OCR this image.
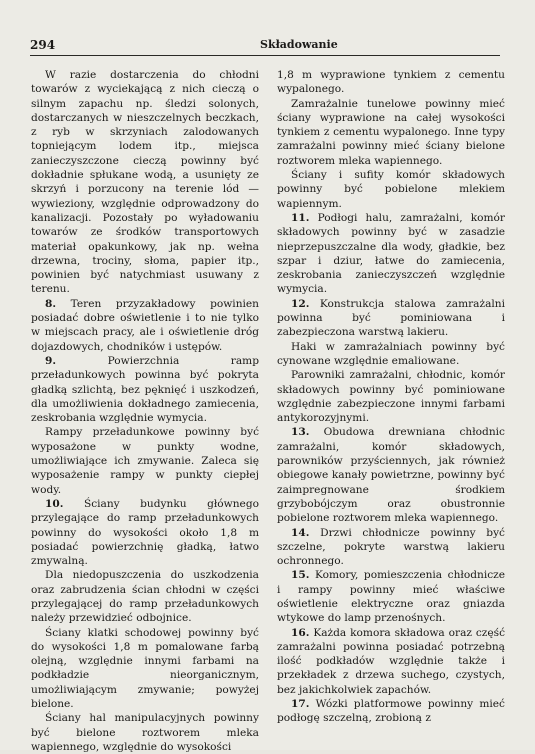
294	Składowanie

W razie dostarczenia do chłodni towarów z wyciekającą z nich cieczą o silnym zapachu np. śledzi solonych, dostarczanych w nieszczelnych beczkach, z ryb w skrzyniach zalodowanych topniejącym lodem itp., miejsca zanieczyszczone cieczą powinny być dokładnie spłukane wodą, a usunięty ze skrzyń i porzucony na terenie lód — wywieziony, względnie odprowadzony do kanalizacji. Pozostały po wyładowaniu towarów ze środków transportowych materiał opakunkowy, jak np. wełna drzewna, trociny, słoma, papier itp., powinien być natychmiast usuwany z terenu.

8. Teren przyzakładowy powinien posiadać dobre oświetlenie i to nie tylko w miejscach pracy, ale i oświetlenie dróg dojazdowych, chodników i ustępów.

9.	Powierzchnia ramp przeładunkowych powinna być pokryta gładką szlichtą, bez pęknięć i uszkodzeń, dla umożliwienia dokładnego zamiecenia, zeskrobania względnie wymycia.

Rampy przeładunkowe powinny być wyposażone w punkty wodne, umożliwiające ich zmywanie. Zaleca się wyposażenie rampy w punkty ciepłej wody.

10. Ściany budynku głównego przylegające do ramp przeładunkowych powinny do wysokości około 1,8 m posiadać powierzchnię gładką, łatwo zmywalną.

Dla niedopuszczenia do uszkodzenia oraz zabrudzenia ścian chłodni w części przylegającej do ramp przeładunkowych należy przewidzieć odbojnice.

Ściany klatki schodowej powinny być do wysokości 1,8 m pomalowane farbą olejną, względnie innymi farbami na podkładzie nieorganicznym, umożliwiającym zmywanie; powyżej bielone.

Ściany hal manipulacyjnych powinny być bielone roztworem mleka wapiennego, względnie do wysokości

1,8 m wyprawione tynkiem z cementu wypalonego.

Zamrażalnie tunelowe powinny mieć ściany wyprawione na całej wysokości tynkiem z cementu wypalonego. Inne typy zamrażalni powinny mieć ściany bielone roztworem mleka wapiennego.

Ściany i sufity komór składowych powinny być pobielone mlekiem wapiennym.

11. Podłogi halu, zamrażalni, komór składowych powinny być w zasadzie nieprzepuszczalne dla wody, gładkie, bez szpar i dziur, łatwe do zamiecenia, zeskrobania zanieczyszczeń względnie wymycia.

12. Konstrukcja stalowa zamrażalni powinna być pominiowana i zabezpieczona warstwą lakieru.

Haki w zamrażalniach powinny być cynowane względnie emaliowane.

Parowniki zamrażalni, chłodnic, komór składowych powinny być pominiowane względnie zabezpieczone innymi farbami antykorozyjnymi.

13. Obudowa drewniana chłodnic zamrażalni, komór składowych, parowników przyściennych, jak również obiegowe kanały powietrzne, powinny być zaimpregnowane środkiem grzybobójczym oraz obustronnie pobielone roztworem mleka wapiennego.

14. Drzwi chłodnicze powinny być szczelne, pokryte warstwą lakieru ochronnego.

15. Komory, pomieszczenia chłodnicze i rampy powinny mieć właściwe oświetlenie elektryczne oraz gniazda wtykowe do lamp przenośnych.

16. Każda komora składowa oraz część zamrażalni powinna posiadać potrzebną ilość podkładów względnie także i przekładek z drzewa suchego, czystych, bez jakichkolwiek zapachów.

17. Wózki platformowe powinny mieć podłogę szczelną, zrobioną z
